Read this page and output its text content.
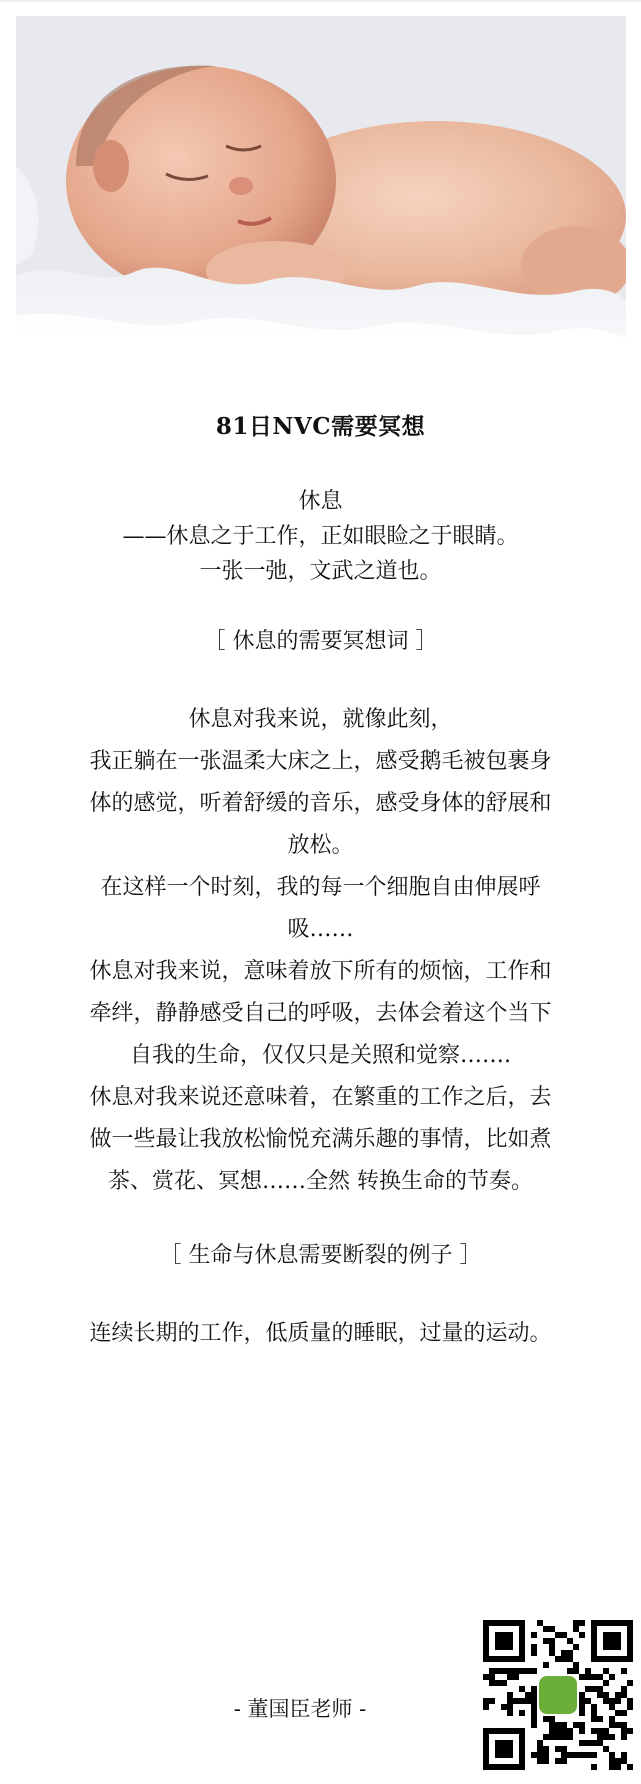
81日NVC需要冥想

休息

——休息之于工作，正如眼睑之于眼睛。

一张一弛，文武之道也。

［ 休息的需要冥想词 ］

休息对我来说，就像此刻，

我正躺在一张温柔大床之上，感受鹅毛被包裹身体的感觉，听着舒缓的音乐，感受身体的舒展和放松。

在这样一个时刻，我的每一个细胞自由伸展呼吸……

休息对我来说，意味着放下所有的烦恼，工作和牵绊，静静感受自己的呼吸，去体会着这个当下自我的生命，仅仅只是关照和觉察…….

休息对我来说还意味着，在繁重的工作之后，去做一些最让我放松愉悦充满乐趣的事情，比如煮茶、赏花、冥想……全然 转换生命的节奏。

［ 生命与休息需要断裂的例子 ］

连续长期的工作，低质量的睡眠，过量的运动。

- 董国臣老师 -
